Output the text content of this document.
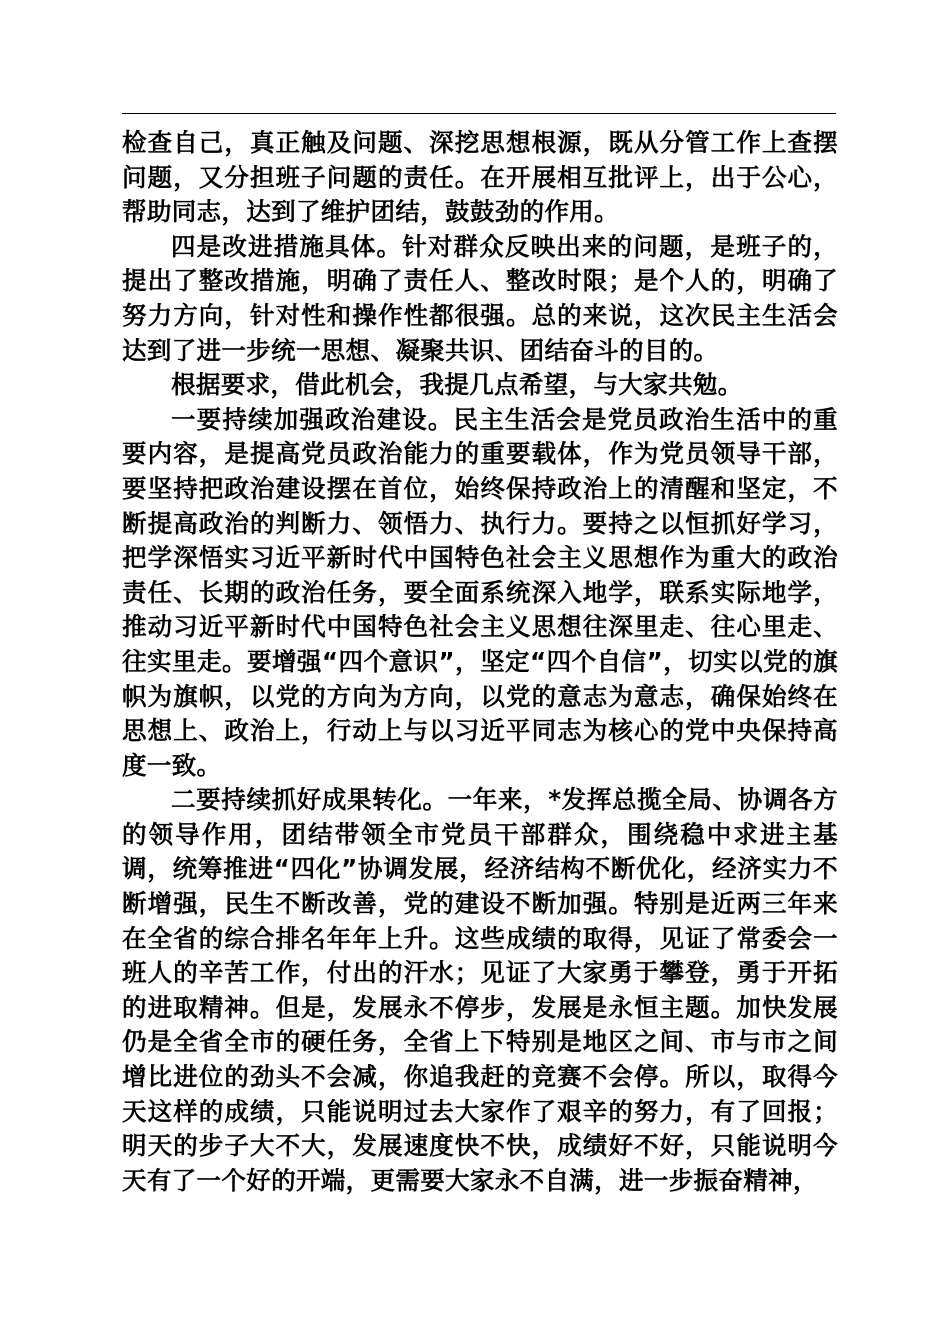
检查自己，真正触及问题、深挖思想根源，既从分管工作上查摆问题，又分担班子问题的责任。在开展相互批评上，出于公心，帮助同志，达到了维护团结，鼓鼓劲的作用。

四是改进措施具体。针对群众反映出来的问题，是班子的，提出了整改措施，明确了责任人、整改时限；是个人的，明确了努力方向，针对性和操作性都很强。总的来说，这次民主生活会达到了进一步统一思想、凝聚共识、团结奋斗的目的。

根据要求，借此机会，我提几点希望，与大家共勉。

一要持续加强政治建设。民主生活会是党员政治生活中的重要内容，是提高党员政治能力的重要载体，作为党员领导干部，要坚持把政治建设摆在首位，始终保持政治上的清醒和坚定，不断提高政治的判断力、领悟力、执行力。要持之以恒抓好学习，把学深悟实习近平新时代中国特色社会主义思想作为重大的政治责任、长期的政治任务，要全面系统深入地学，联系实际地学，推动习近平新时代中国特色社会主义思想往深里走、往心里走、往实里走。要增强“四个意识”，坚定“四个自信”，切实以党的旗帜为旗帜，以党的方向为方向，以党的意志为意志，确保始终在思想上、政治上，行动上与以习近平同志为核心的党中央保持高度一致。

二要持续抓好成果转化。一年来，*发挥总揽全局、协调各方的领导作用，团结带领全市党员干部群众，围绕稳中求进主基调，统筹推进“四化”协调发展，经济结构不断优化，经济实力不断增强，民生不断改善，党的建设不断加强。特别是近两三年来在全省的综合排名年年上升。这些成绩的取得，见证了常委会一班人的辛苦工作，付出的汗水；见证了大家勇于攀登，勇于开拓的进取精神。但是，发展永不停步，发展是永恒主题。加快发展仍是全省全市的硬任务，全省上下特别是地区之间、市与市之间增比进位的劲头不会减，你追我赶的竞赛不会停。所以，取得今天这样的成绩，只能说明过去大家作了艰辛的努力，有了回报；明天的步子大不大，发展速度快不快，成绩好不好，只能说明今天有了一个好的开端，更需要大家永不自满，进一步振奋精神，
